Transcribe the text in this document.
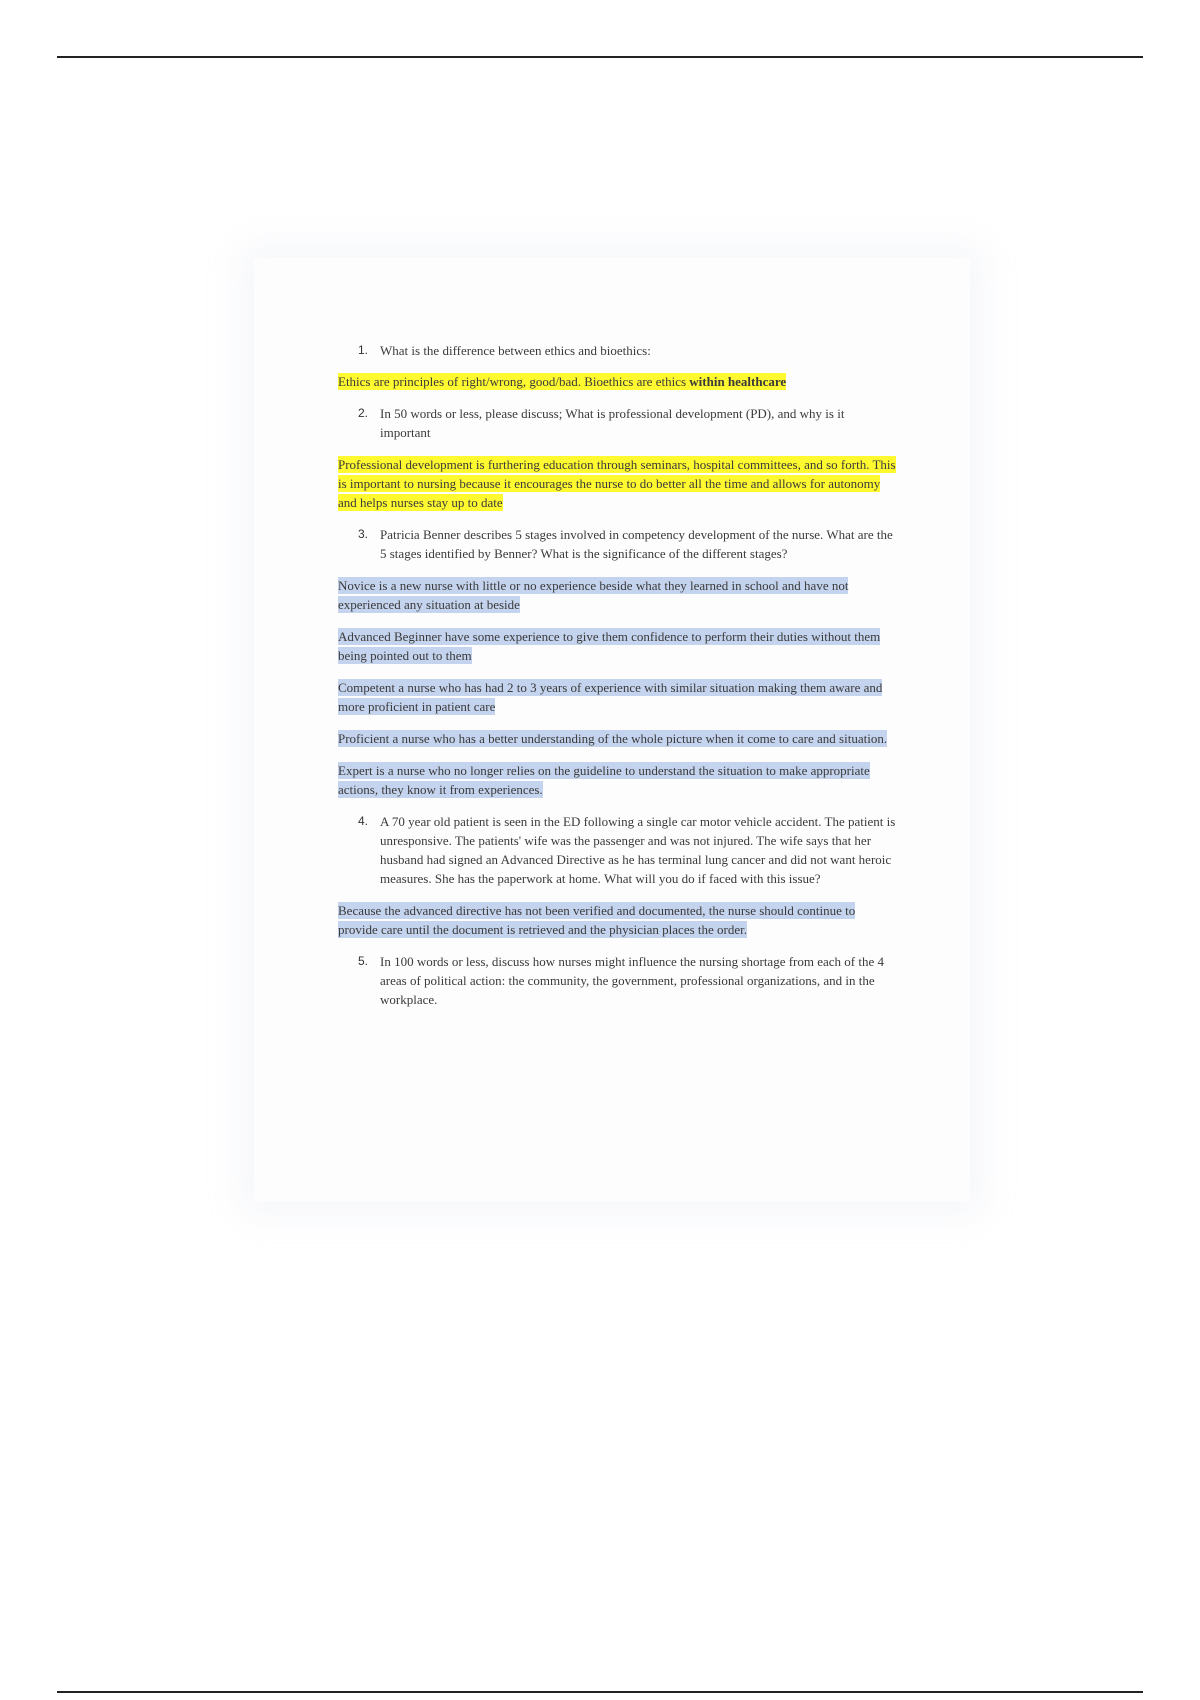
1. What is the difference between ethics and bioethics:

Ethics are principles of right/wrong, good/bad. Bioethics are ethics within healthcare

2. In 50 words or less, please discuss; What is professional development (PD), and why is it important

Professional development is furthering education through seminars, hospital committees, and so forth. This is important to nursing because it encourages the nurse to do better all the time and allows for autonomy and helps nurses stay up to date

3. Patricia Benner describes 5 stages involved in competency development of the nurse. What are the 5 stages identified by Benner? What is the significance of the different stages?

Novice is a new nurse with little or no experience beside what they learned in school and have not experienced any situation at beside

Advanced Beginner have some experience to give them confidence to perform their duties without them being pointed out to them

Competent a nurse who has had 2 to 3 years of experience with similar situation making them aware and more proficient in patient care

Proficient a nurse who has a better understanding of the whole picture when it come to care and situation.

Expert is a nurse who no longer relies on the guideline to understand the situation to make appropriate actions, they know it from experiences.

4. A 70 year old patient is seen in the ED following a single car motor vehicle accident. The patient is unresponsive. The patients' wife was the passenger and was not injured. The wife says that her husband had signed an Advanced Directive as he has terminal lung cancer and did not want heroic measures. She has the paperwork at home. What will you do if faced with this issue?

Because the advanced directive has not been verified and documented, the nurse should continue to provide care until the document is retrieved and the physician places the order.

5. In 100 words or less, discuss how nurses might influence the nursing shortage from each of the 4 areas of political action: the community, the government, professional organizations, and in the workplace.
